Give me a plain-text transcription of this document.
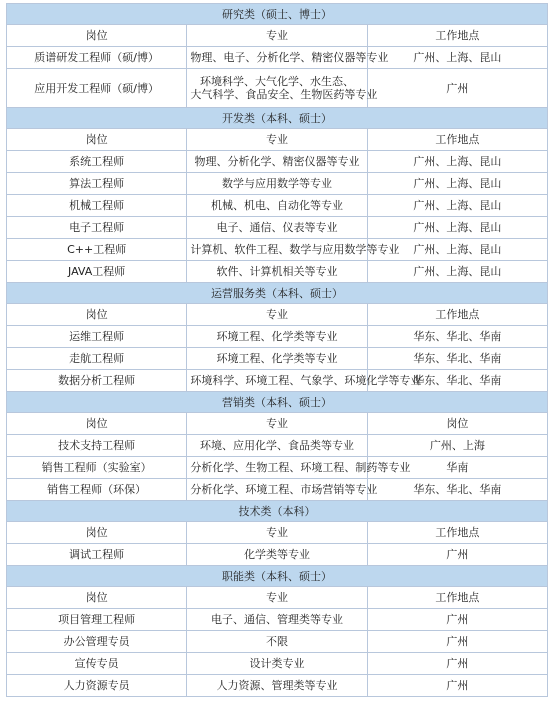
研究类（硕士、博士）		
岗位	专业	工作地点
质谱研发工程师（硕/博）	物理、电子、分析化学、精密仪器等专业	广州、上海、昆山
应用开发工程师（硕/博）	环境科学、大气化学、水生态、
大气科学、食品安全、生物医药等专业	广州
开发类（本科、硕士）		
岗位	专业	工作地点
系统工程师	物理、分析化学、精密仪器等专业	广州、上海、昆山
算法工程师	数学与应用数学等专业	广州、上海、昆山
机械工程师	机械、机电、自动化等专业	广州、上海、昆山
电子工程师	电子、通信、仪表等专业	广州、上海、昆山
C++工程师	计算机、软件工程、数学与应用数学等专业	广州、上海、昆山
JAVA工程师	软件、计算机相关等专业	广州、上海、昆山
运营服务类（本科、硕士）		
岗位	专业	工作地点
运维工程师	环境工程、化学类等专业	华东、华北、华南
走航工程师	环境工程、化学类等专业	华东、华北、华南
数据分析工程师	环境科学、环境工程、气象学、环境化学等专业	华东、华北、华南
营销类（本科、硕士）		
岗位	专业	岗位
技术支持工程师	环境、应用化学、食品类等专业	广州、上海
销售工程师（实验室）	分析化学、生物工程、环境工程、制药等专业	华南
销售工程师（环保）	分析化学、环境工程、市场营销等专业	华东、华北、华南
技术类（本科）		
岗位	专业	工作地点
调试工程师	化学类等专业	广州
职能类（本科、硕士）		
岗位	专业	工作地点
项目管理工程师	电子、通信、管理类等专业	广州
办公管理专员	不限	广州
宣传专员	设计类专业	广州
人力资源专员	人力资源、管理类等专业	广州
